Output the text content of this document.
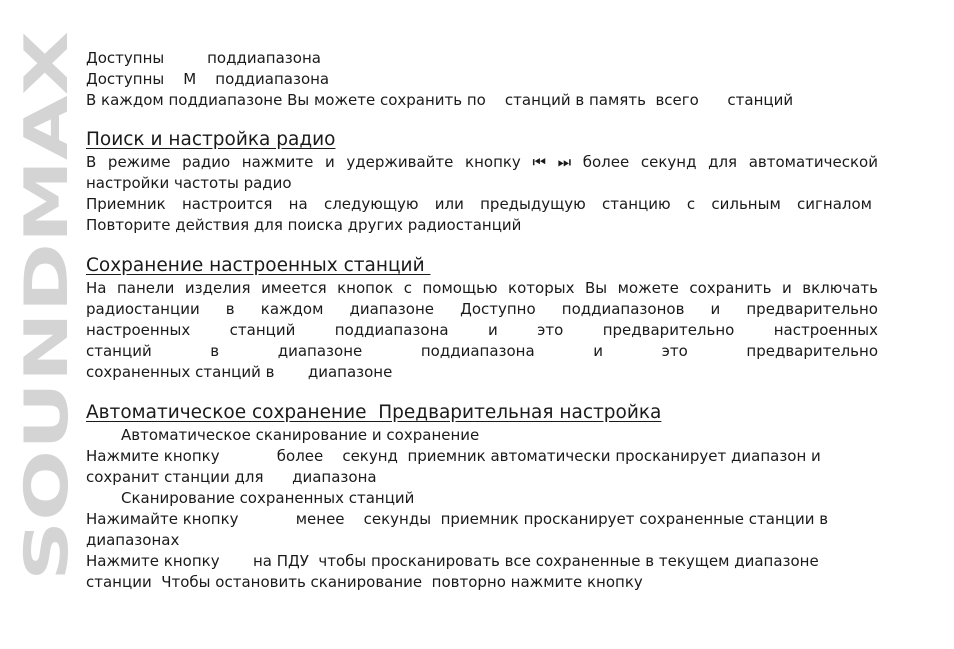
SOUNDMAX
Доступны         поддиапазона
Доступны    М    поддиапазона
В каждом поддиапазоне Вы можете сохранить по    станций в память  всего      станций
Поиск и настройка радио
В режиме радио нажмите и удерживайте кнопку ⏮ ⏭ более секунд для автоматической
настройки частоты радио
Приемник настроится на следующую или предыдущую станцию с сильным сигналом
Повторите действия для поиска других радиостанций
Сохранение настроенных станций
На панели изделия имеется кнопок с помощью которых Вы можете сохранить и включать
радиостанции в каждом диапазоне Доступно поддиапазонов и предварительно
настроенных станций поддиапазона и это предварительно настроенных
станций в диапазоне поддиапазона и это предварительно
сохраненных станций в       диапазоне
Автоматическое сохранение  Предварительная настройка
Автоматическое сканирование и сохранение
Нажмите кнопку            более    секунд  приемник автоматически просканирует диапазон и
сохранит станции для      диапазона
Сканирование сохраненных станций
Нажимайте кнопку            менее    секунды  приемник просканирует сохраненные станции в
диапазонах
Нажмите кнопку       на ПДУ  чтобы просканировать все сохраненные в текущем диапазоне
станции  Чтобы остановить сканирование  повторно нажмите кнопку
